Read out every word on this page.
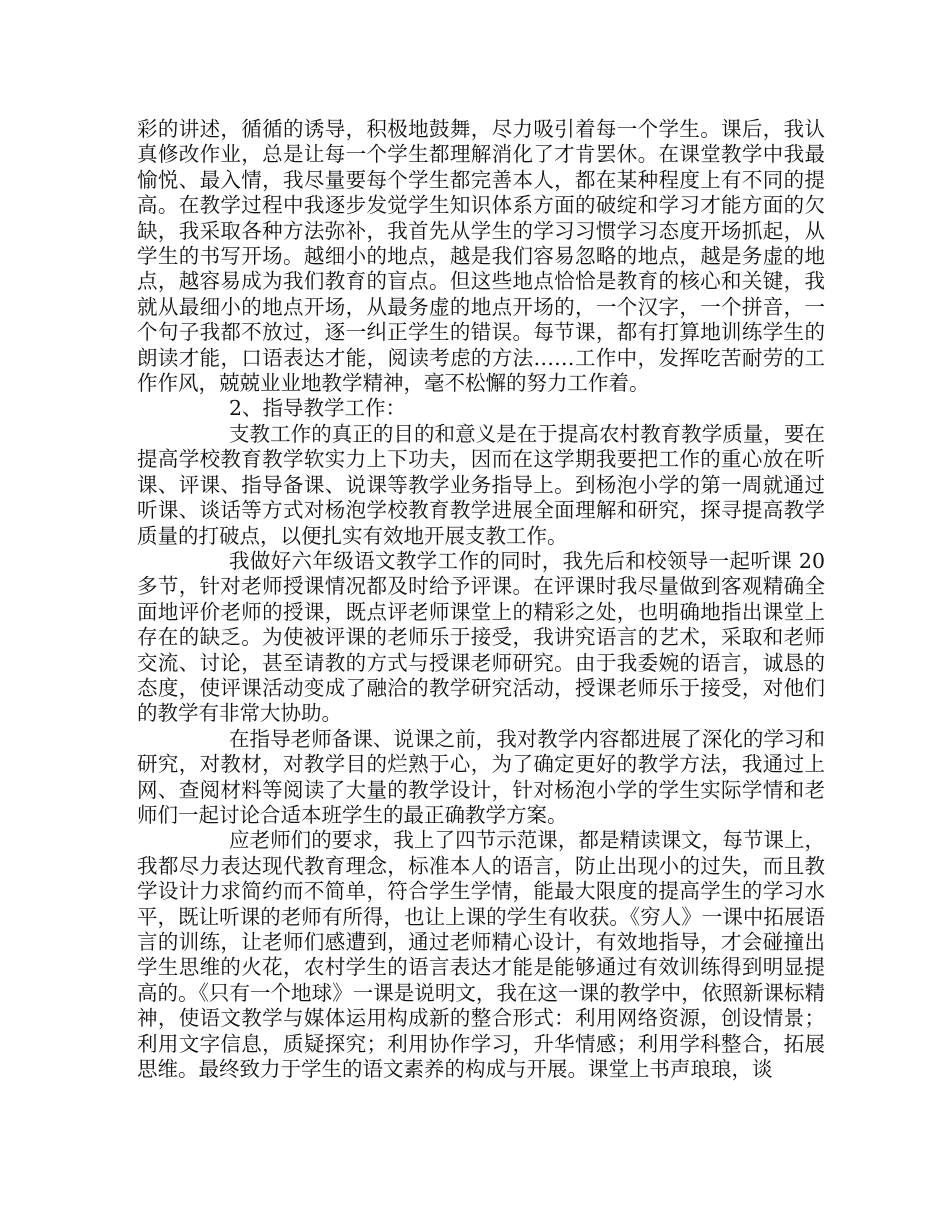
彩的讲述，循循的诱导，积极地鼓舞，尽力吸引着每一个学生。课后，我认真修改作业，总是让每一个学生都理解消化了才肯罢休。在课堂教学中我最愉悦、最入情，我尽量要每个学生都完善本人，都在某种程度上有不同的提高。在教学过程中我逐步发觉学生知识体系方面的破绽和学习才能方面的欠缺，我采取各种方法弥补，我首先从学生的学习习惯学习态度开场抓起，从学生的书写开场。越细小的地点，越是我们容易忽略的地点，越是务虚的地点，越容易成为我们教育的盲点。但这些地点恰恰是教育的核心和关键，我就从最细小的地点开场，从最务虚的地点开场的，一个汉字，一个拼音，一个句子我都不放过，逐一纠正学生的错误。每节课，都有打算地训练学生的朗读才能，口语表达才能，阅读考虑的方法……工作中，发挥吃苦耐劳的工作作风，兢兢业业地教学精神，毫不松懈的努力工作着。

2、指导教学工作：

支教工作的真正的目的和意义是在于提高农村教育教学质量，要在提高学校教育教学软实力上下功夫，因而在这学期我要把工作的重心放在听课、评课、指导备课、说课等教学业务指导上。到杨泡小学的第一周就通过听课、谈话等方式对杨泡学校教育教学进展全面理解和研究，探寻提高教学质量的打破点，以便扎实有效地开展支教工作。

我做好六年级语文教学工作的同时，我先后和校领导一起听课 20 多节，针对老师授课情况都及时给予评课。在评课时我尽量做到客观精确全面地评价老师的授课，既点评老师课堂上的精彩之处，也明确地指出课堂上存在的缺乏。为使被评课的老师乐于接受，我讲究语言的艺术，采取和老师交流、讨论，甚至请教的方式与授课老师研究。由于我委婉的语言，诚恳的态度，使评课活动变成了融洽的教学研究活动，授课老师乐于接受，对他们的教学有非常大协助。

在指导老师备课、说课之前，我对教学内容都进展了深化的学习和研究，对教材，对教学目的烂熟于心，为了确定更好的教学方法，我通过上网、查阅材料等阅读了大量的教学设计，针对杨泡小学的学生实际学情和老师们一起讨论合适本班学生的最正确教学方案。

应老师们的要求，我上了四节示范课，都是精读课文，每节课上，我都尽力表达现代教育理念，标准本人的语言，防止出现小的过失，而且教学设计力求简约而不简单，符合学生学情，能最大限度的提高学生的学习水平，既让听课的老师有所得，也让上课的学生有收获。《穷人》一课中拓展语言的训练，让老师们感遭到，通过老师精心设计，有效地指导，才会碰撞出学生思维的火花，农村学生的语言表达才能是能够通过有效训练得到明显提高的。《只有一个地球》一课是说明文，我在这一课的教学中，依照新课标精神，使语文教学与媒体运用构成新的整合形式：利用网络资源，创设情景；利用文字信息，质疑探究；利用协作学习，升华情感；利用学科整合，拓展思维。最终致力于学生的语文素养的构成与开展。课堂上书声琅琅，谈
